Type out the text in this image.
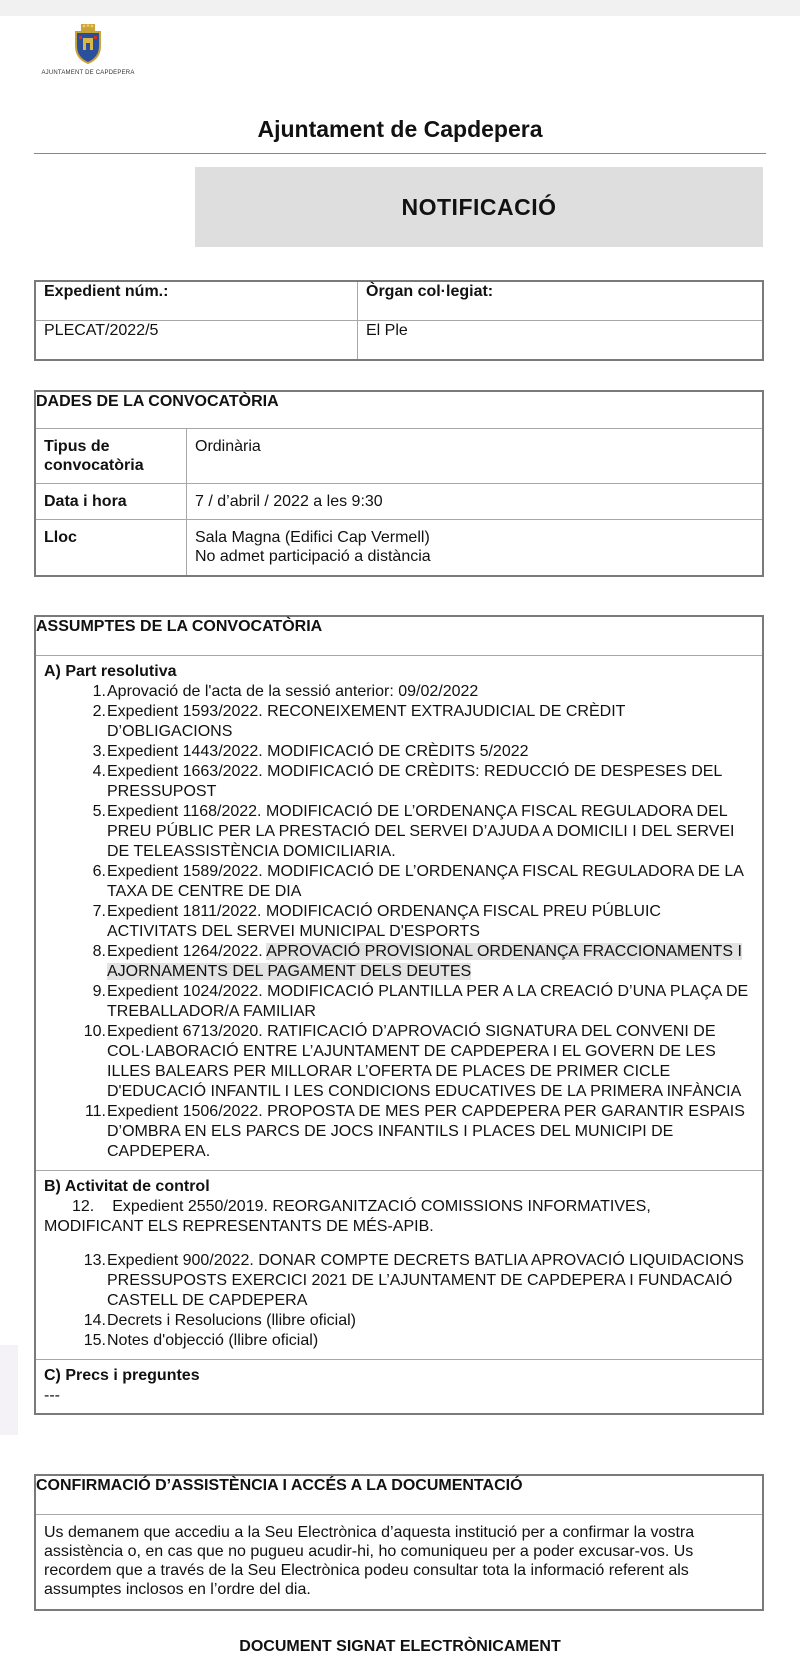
AJUNTAMENT DE CAPDEPERA
Ajuntament de Capdepera
NOTIFICACIÓ
Expedient núm.:	Òrgan col·legiat:
PLECAT/2022/5	El Ple
DADES DE LA CONVOCATÒRIA	
Tipus de convocatòria	Ordinària
Data i hora	7 / d’abril / 2022 a les 9:30
Lloc	Sala Magna (Edifici Cap Vermell)
No admet participació a distància
ASSUMPTES DE LA CONVOCATÒRIA

A) Part resolutiva
1. Aprovació de l'acta de la sessió anterior: 09/02/2022
2. Expedient 1593/2022. RECONEIXEMENT EXTRAJUDICIAL DE CRÈDIT D’OBLIGACIONS
3. Expedient 1443/2022. MODIFICACIÓ DE CRÈDITS 5/2022
4. Expedient 1663/2022. MODIFICACIÓ DE CRÈDITS: REDUCCIÓ DE DESPESES DEL PRESSUPOST
5. Expedient 1168/2022. MODIFICACIÓ DE L’ORDENANÇA FISCAL REGULADORA DEL PREU PÚBLIC PER LA PRESTACIÓ DEL SERVEI D’AJUDA A DOMICILI I DEL SERVEI DE TELEASSISTÈNCIA DOMICILIARIA.
6. Expedient 1589/2022. MODIFICACIÓ DE L’ORDENANÇA FISCAL REGULADORA DE LA TAXA DE CENTRE DE DIA
7. Expedient 1811/2022. MODIFICACIÓ ORDENANÇA FISCAL PREU PÚBLUIC ACTIVITATS DEL SERVEI MUNICIPAL D'ESPORTS
8. Expedient 1264/2022. APROVACIÓ PROVISIONAL ORDENANÇA FRACCIONAMENTS I AJORNAMENTS DEL PAGAMENT DELS DEUTES
9. Expedient 1024/2022. MODIFICACIÓ PLANTILLA PER A LA CREACIÓ D’UNA PLAÇA DE TREBALLADOR/A FAMILIAR
10. Expedient 6713/2020. RATIFICACIÓ D’APROVACIÓ SIGNATURA DEL CONVENI DE COL·LABORACIÓ ENTRE L’AJUNTAMENT DE CAPDEPERA I EL GOVERN DE LES ILLES BALEARS PER MILLORAR L’OFERTA DE PLACES DE PRIMER CICLE D'EDUCACIÓ INFANTIL I LES CONDICIONS EDUCATIVES DE LA PRIMERA INFÀNCIA
11. Expedient 1506/2022. PROPOSTA DE MES PER CAPDEPERA PER GARANTIR ESPAIS D’OMBRA EN ELS PARCS DE JOCS INFANTILS I PLACES DEL MUNICIPI DE CAPDEPERA.

B) Activitat de control
12. Expedient 2550/2019. REORGANITZACIÓ COMISSIONS INFORMATIVES, MODIFICANT ELS REPRESENTANTS DE MÉS-APIB.
13. Expedient 900/2022. DONAR COMPTE DECRETS BATLIA APROVACIÓ LIQUIDACIONS PRESSUPOSTS EXERCICI 2021 DE L’AJUNTAMENT DE CAPDEPERA I FUNDACAIÓ CASTELL DE CAPDEPERA
14. Decrets i Resolucions (llibre oficial)
15. Notes d'objecció (llibre oficial)

C) Precs i preguntes
---
CONFIRMACIÓ D’ASSISTÈNCIA I ACCÉS A LA DOCUMENTACIÓ
Us demanem que accediu a la Seu Electrònica d’aquesta institució per a confirmar la vostra assistència o, en cas que no pugueu acudir-hi, ho comuniqueu per a poder excusar-vos. Us recordem que a través de la Seu Electrònica podeu consultar tota la informació referent als assumptes inclosos en l’ordre del dia.
DOCUMENT SIGNAT ELECTRÒNICAMENT
